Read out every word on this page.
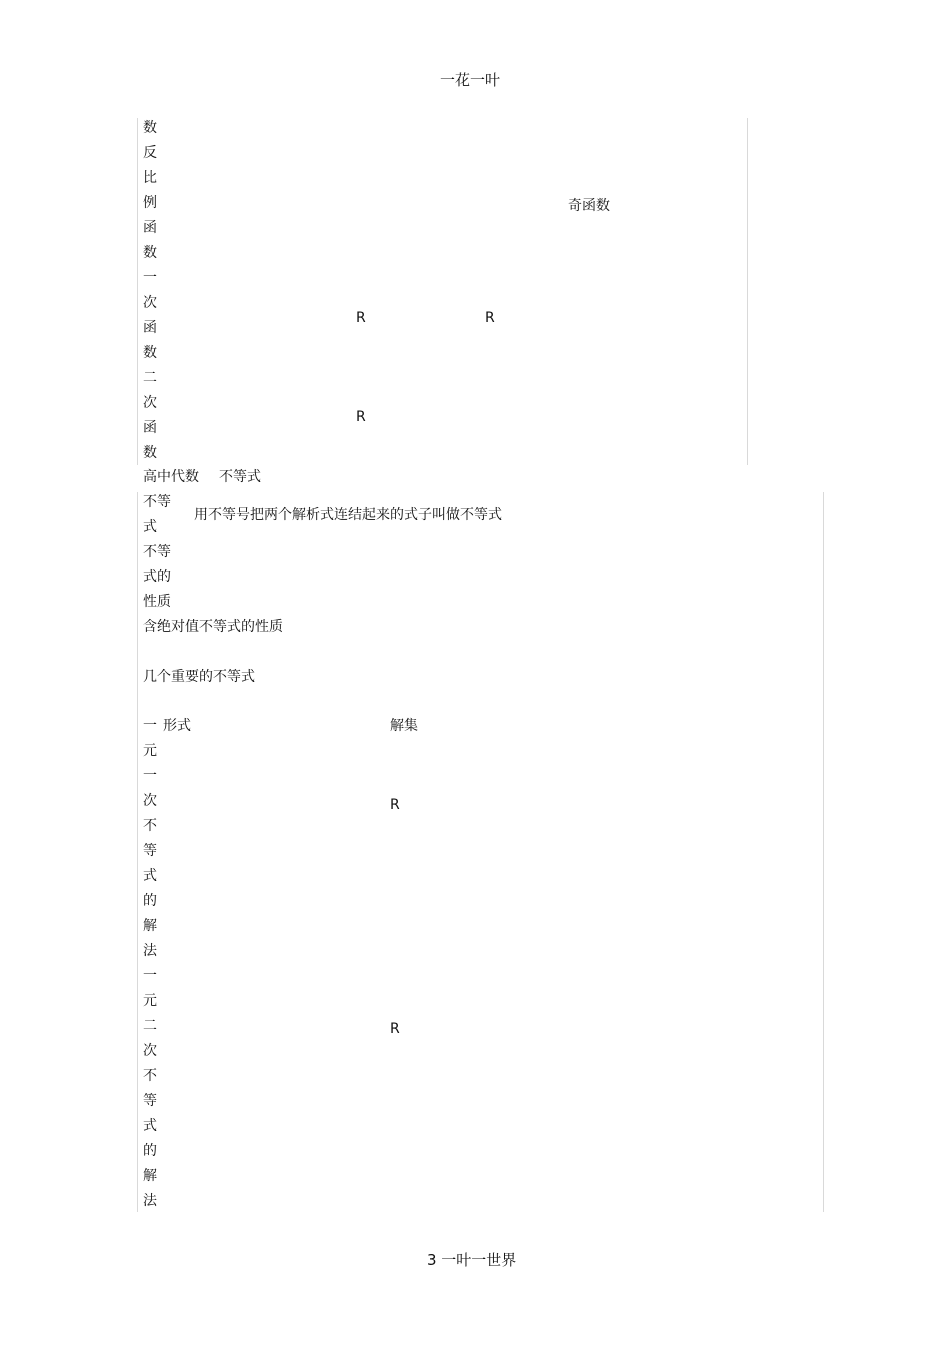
一花一叶
数
反
比
例
函
数
一
次
函
数
二
次
函
数
奇函数
R	R
R
高中代数 不等式
不等
式
用不等号把两个解析式连结起来的式子叫做不等式
不等
式的
性质
含绝对值不等式的性质
几个重要的不等式
一 形式	解集
元
一
次
不
等
式
的
解
法
R
一
元
二
次
不
等
式
的
解
法
R
3 一叶一世界
